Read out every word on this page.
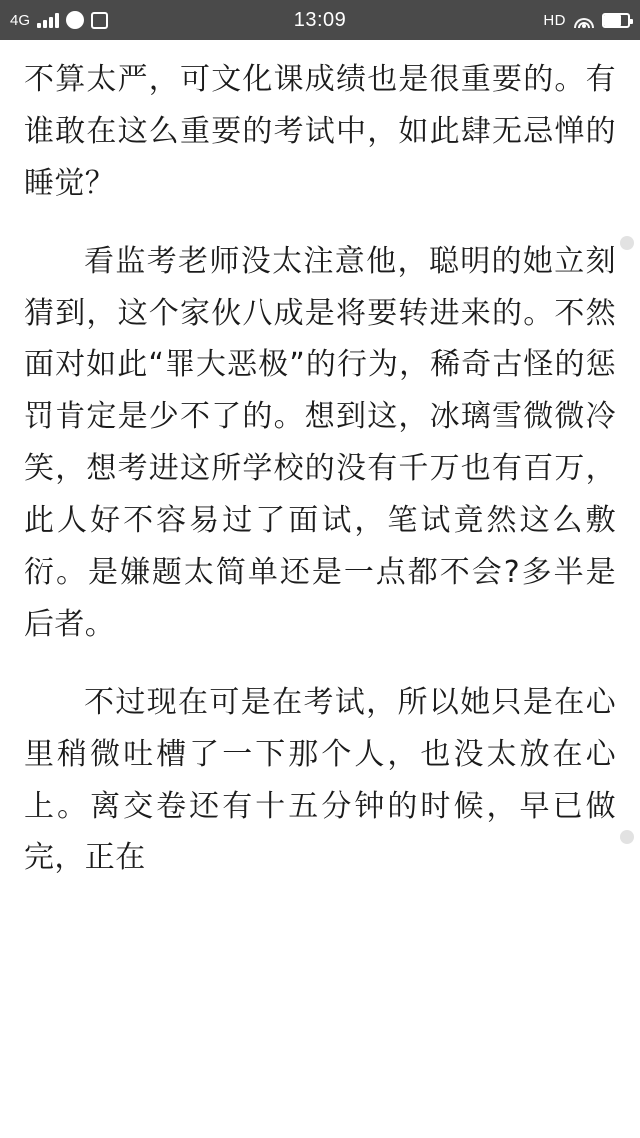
4G	13:09	HD

不算太严，可文化课成绩也是很重要的。有谁敢在这么重要的考试中，如此肆无忌惮的睡觉？

看监考老师没太注意他，聪明的她立刻猜到，这个家伙八成是将要转进来的。不然面对如此“罪大恶极”的行为，稀奇古怪的惩罚肯定是少不了的。想到这，冰璃雪微微冷笑，想考进这所学校的没有千万也有百万，此人好不容易过了面试，笔试竟然这么敷衍。是嫌题太简单还是一点都不会?多半是后者。

不过现在可是在考试，所以她只是在心里稍微吐槽了一下那个人，也没太放在心上。离交卷还有十五分钟的时候，早已做完，正在
